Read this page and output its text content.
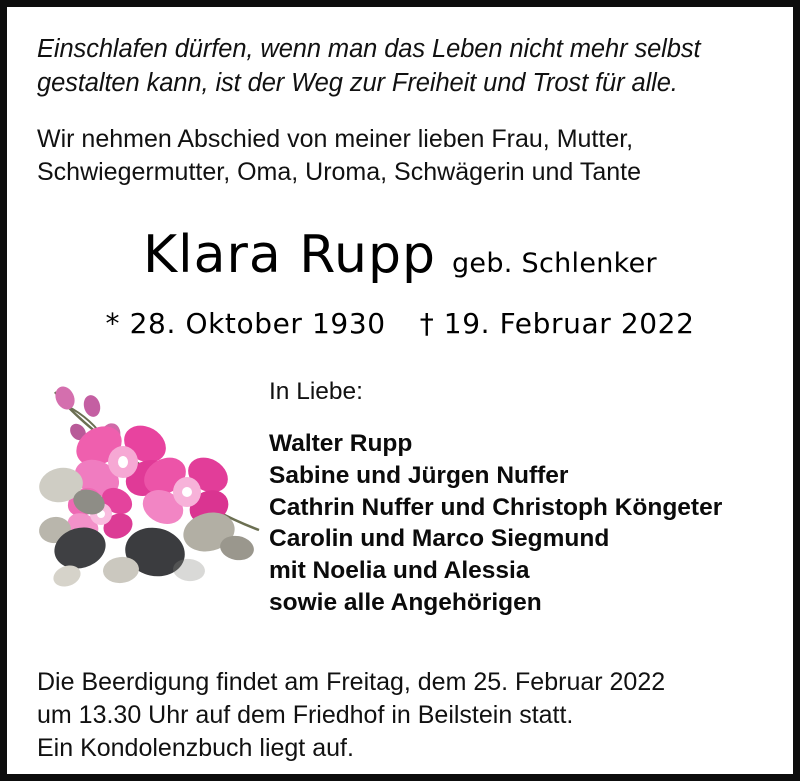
Einschlafen dürfen, wenn man das Leben nicht mehr selbst
gestalten kann, ist der Weg zur Freiheit und Trost für alle.
Wir nehmen Abschied von meiner lieben Frau, Mutter,
Schwiegermutter, Oma, Uroma, Schwägerin und Tante
Klara Rupp geb. Schlenker
* 28. Oktober 1930 † 19. Februar 2022
In Liebe:
Walter Rupp
Sabine und Jürgen Nuffer
Cathrin Nuffer und Christoph Köngeter
Carolin und Marco Siegmund
mit Noelia und Alessia
sowie alle Angehörigen
Die Beerdigung findet am Freitag, dem 25. Februar 2022
um 13.30 Uhr auf dem Friedhof in Beilstein statt.
Ein Kondolenzbuch liegt auf.
